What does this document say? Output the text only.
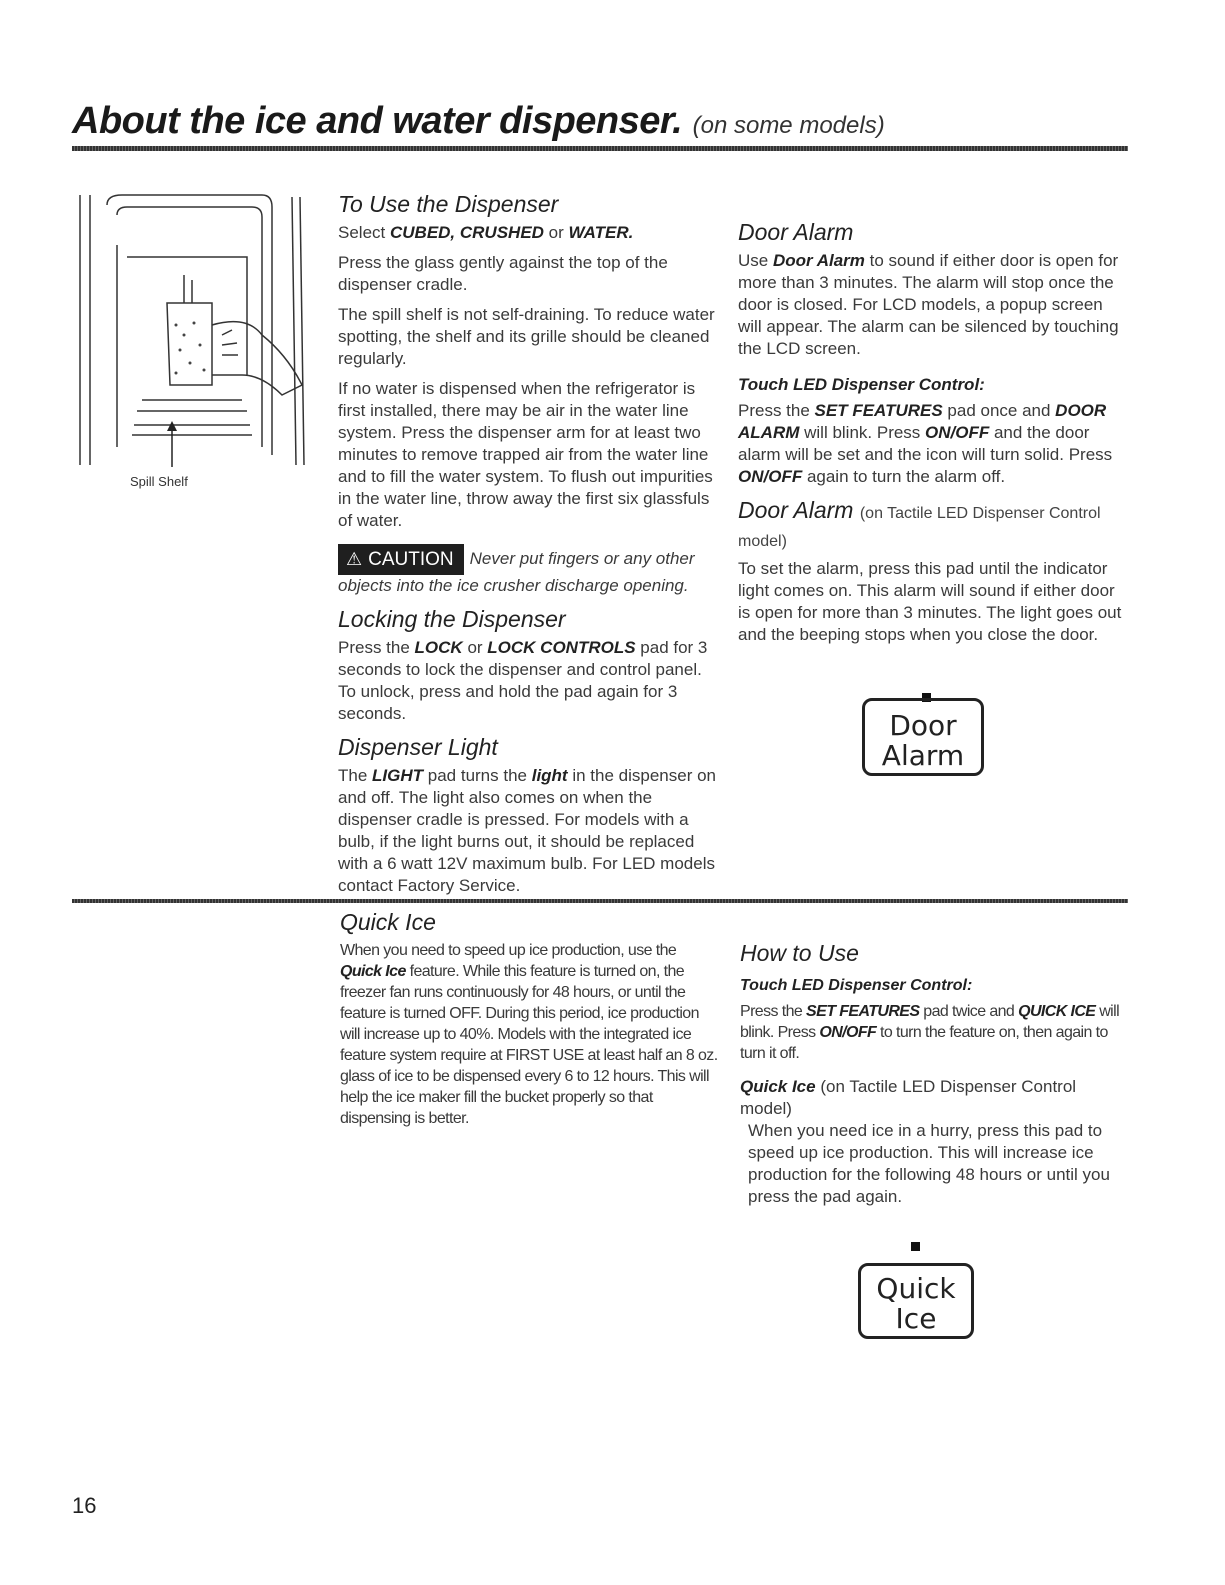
About the ice and water dispenser. (on some models)
Spill Shelf
To Use the Dispenser

Select CUBED, CRUSHED or WATER.

Press the glass gently against the top of the dispenser cradle.

The spill shelf is not self-draining. To reduce water spotting, the shelf and its grille should be cleaned regularly.

If no water is dispensed when the refrigerator is first installed, there may be air in the water line system. Press the dispenser arm for at least two minutes to remove trapped air from the water line and to fill the water system. To flush out impurities in the water line, throw away the first six glassfuls of water.

⚠ CAUTION Never put fingers or any other objects into the ice crusher discharge opening.

Locking the Dispenser

Press the LOCK or LOCK CONTROLS pad for 3 seconds to lock the dispenser and control panel. To unlock, press and hold the pad again for 3 seconds.

Dispenser Light

The LIGHT pad turns the light in the dispenser on and off. The light also comes on when the dispenser cradle is pressed. For models with a bulb, if the light burns out, it should be replaced with a 6 watt 12V maximum bulb. For LED models contact Factory Service.

Door Alarm

Use Door Alarm to sound if either door is open for more than 3 minutes. The alarm will stop once the door is closed. For LCD models, a popup screen will appear. The alarm can be silenced by touching the LCD screen.

Touch LED Dispenser Control:

Press the SET FEATURES pad once and DOOR ALARM will blink. Press ON/OFF and the door alarm will be set and the icon will turn solid. Press ON/OFF again to turn the alarm off.

Door Alarm (on Tactile LED Dispenser Control model)

To set the alarm, press this pad until the indicator light comes on. This alarm will sound if either door is open for more than 3 minutes. The light goes out and the beeping stops when you close the door.

Door
Alarm
Quick Ice

When you need to speed up ice production, use the Quick Ice feature. While this feature is turned on, the freezer fan runs continuously for 48 hours, or until the feature is turned OFF. During this period, ice production will increase up to 40%. Models with the integrated ice feature system require at FIRST USE at least half an 8 oz. glass of ice to be dispensed every 6 to 12 hours. This will help the ice maker fill the bucket properly so that dispensing is better.

How to Use
Touch LED Dispenser Control:

Press the SET FEATURES pad twice and QUICK ICE will blink. Press ON/OFF to turn the feature on, then again to turn it off.

Quick Ice (on Tactile LED Dispenser Control model)

When you need ice in a hurry, press this pad to speed up ice production. This will increase ice production for the following 48 hours or until you press the pad again.

Quick
Ice
16
